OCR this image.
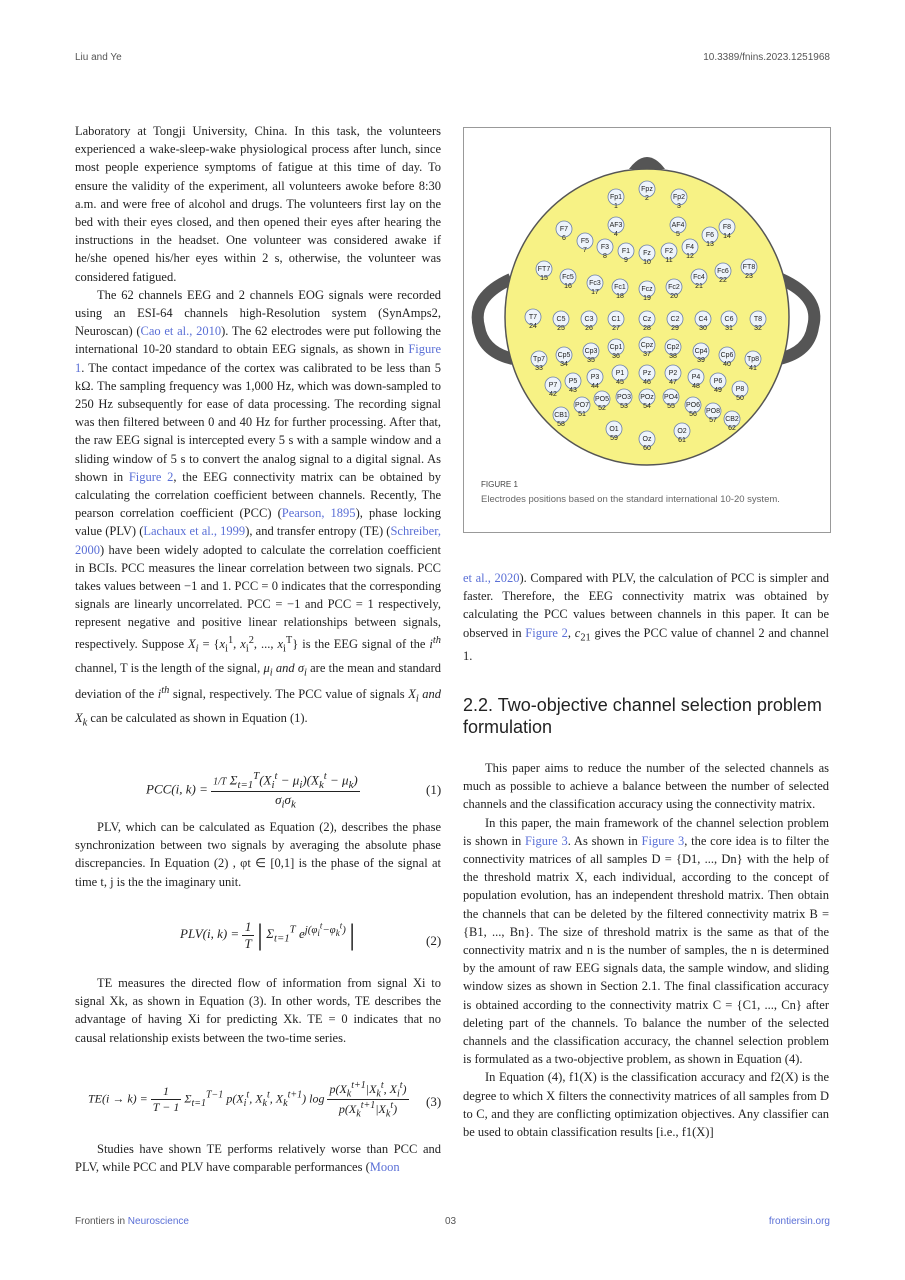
Liu and Ye	10.3389/fnins.2023.1251968

Laboratory at Tongji University, China. In this task, the volunteers experienced a wake-sleep-wake physiological process after lunch, since most people experience symptoms of fatigue at this time of day. To ensure the validity of the experiment, all volunteers awoke before 8:30 a.m. and were free of alcohol and drugs. The volunteers first lay on the bed with their eyes closed, and then opened their eyes after hearing the instructions in the headset. One volunteer was considered awake if he/she opened his/her eyes within 2 s, otherwise, the volunteer was considered fatigued.

The 62 channels EEG and 2 channels EOG signals were recorded using an ESI-64 channels high-Resolution system (SynAmps2, Neuroscan) (Cao et al., 2010). The 62 electrodes were put following the international 10-20 standard to obtain EEG signals, as shown in Figure 1. The contact impedance of the cortex was calibrated to be less than 5 kΩ. The sampling frequency was 1,000 Hz, which was down-sampled to 250 Hz subsequently for ease of data processing. The recording signal was then filtered between 0 and 40 Hz for further processing. After that, the raw EEG signal is intercepted every 5 s with a sample window and a sliding window of 5 s to convert the analog signal to a digital signal. As shown in Figure 2, the EEG connectivity matrix can be obtained by calculating the correlation coefficient between channels. Recently, The pearson correlation coefficient (PCC) (Pearson, 1895), phase locking value (PLV) (Lachaux et al., 1999), and transfer entropy (TE) (Schreiber, 2000) have been widely adopted to calculate the correlation coefficient in BCIs. PCC measures the linear correlation between two signals. PCC takes values between −1 and 1. PCC = 0 indicates that the corresponding signals are linearly uncorrelated. PCC = −1 and PCC = 1 respectively, represent negative and positive linear relationships between signals, respectively. Suppose $X_i = \{x_i^1$, $x_i^2$, ..., $x_i^T$} is the EEG signal of the $i^{th}$ channel, T is the length of the signal, $\mu_i$ and $\sigma_i$ are the mean and standard deviation of the $i^{th}$ signal, respectively. The PCC value of signals $X_i$ and $X_k$ can be calculated as shown in Equation (1).

PCC(i, $k) = \frac{1/T \Sigma_{t=1}^T(X_i^t - \mu_i)(X_k^t - \mu_k)}{\sigma_i\sigma_k}$	(1)

PLV, which can be calculated as Equation (2), describes the phase synchronization between two signals by averaging the absolute phase discrepancies. In Equation (2) , φt ∈ [0,1] is the phase of the signal at time t, j is the the imaginary unit.

PLV(i, $k) = \frac{1}{T}$ | $\Sigma_{t=1}^T$ $e^{j(\varphi_i^t-\varphi_k^t)}$ |	(2)

TE measures the directed flow of information from signal Xi to signal Xk, as shown in Equation (3). In other words, TE describes the advantage of having Xi for predicting Xk. TE = 0 indicates that no causal relationship exists between the two-time series.

$TE(i \to k) = \frac{1}{T - 1} \Sigma_{t=1}^{T-1}$ $p(X_i^t$, $X_k^t$, $X_k^{t+1}$) $\log \frac{p(X_k^{t+1}|X_k^t, X_i^t)}{p(X_k^{t+1}|X_k^t)} (3)$

Studies have shown TE performs relatively worse than PCC and PLV, while PCC and PLV have comparable performances (Moon

Fp1
1
Fpz
2	Fp2
3
F7
6
AF3
4
AF4
5
F8
14
F5
7 F3
8
F1
9
Fz
10
F2
11
F4
12
F6
13
FT7
15 Fc5
16 Fc3
17
Fc1
18
Fcz
19
Fc2
20
Fc4
21
Fc6
22
FT8
23
T7
24
C5
25
C3
26
C1
27
Cz
28
C2
29
C4
30
C6
31
T8
32
Tp7
33
Cp5
34
Cp3
35
Cp1
36
Cpz
37
Cp2
38
Cp4
39
Cp6
40
Tp8
41
P7
42
P5
43
P3
44
P1
45
Pz
46
P2
47
P4
48
P6
49 P8
50
PO7
51
PO5
52
PO3
53
POz
54
PO4
55 PO6
56 PO8
57
CB1
58
O1
59	Oz
60
O2
61
CB2
62
FIGURE 1
Electrodes positions based on the standard international 10-20 system.

et al., 2020). Compared with PLV, the calculation of PCC is simpler and faster. Therefore, the EEG connectivity matrix was obtained by calculating the PCC values between channels in this paper. It can be observed in Figure 2, $c_{21}$ gives the PCC value of channel 2 and channel 1.

2.2. Two-objective channel selection problem formulation

This paper aims to reduce the number of the selected channels as much as possible to achieve a balance between the number of selected channels and the classification accuracy using the connectivity matrix.

In this paper, the main framework of the channel selection problem is shown in Figure 3. As shown in Figure 3, the core idea is to filter the connectivity matrices of all samples D = {D1, ..., Dn} with the help of the threshold matrix X, each individual, according to the concept of population evolution, has an independent threshold matrix. Then obtain the channels that can be deleted by the filtered connectivity matrix B = {B1, ..., Bn}. The size of threshold matrix is the same as that of the connectivity matrix and n is the number of samples, the n is determined by the amount of raw EEG signals data, the sample window, and sliding window sizes as shown in Section 2.1. The final classification accuracy is obtained according to the connectivity matrix C = {C1, ..., Cn} after deleting part of the channels. To balance the number of the selected channels and the classification accuracy, the channel selection problem is formulated as a two-objective problem, as shown in Equation (4).

In Equation (4), f1(X) is the classification accuracy and f2(X) is the degree to which X filters the connectivity matrices of all samples from D to C, and they are conflicting optimization objectives. Any classifier can be used to obtain classification results [i.e., f1(X)]

Frontiers in Neuroscience	03	frontiersin.org
